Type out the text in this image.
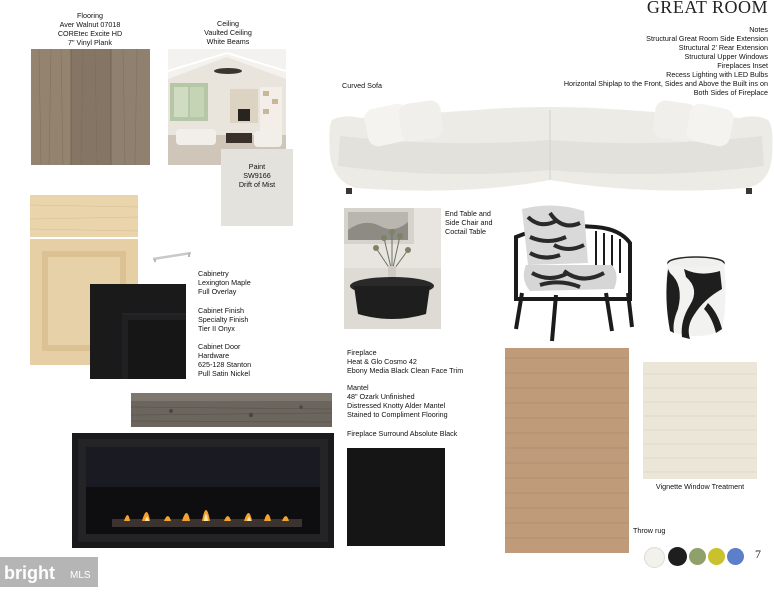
GREAT ROOM
Notes
Structural Great Room Side Extension
Structural 2' Rear Extension
Structural Upper Windows
Fireplaces Inset
Recess Lighting with LED Bulbs
Horizontal Shiplap to the Front, Sides and Above the Built ins on
Both Sides of Fireplace
Flooring
Aver Walnut 07018
COREtec Excite HD
7" Vinyl Plank
Ceiling
Vaulted Ceiling
White Beams
Paint
SW9166
Drift of Mist
Curved Sofa
Cabinetry
Lexington Maple
Full Overlay
Cabinet Finish
Specialty Finish
Tier II Onyx
Cabinet Door
Hardware
625-128 Stanton
Pull Satin Nickel
End Table and
Side Chair and
Coctail Table
Fireplace
Heat & Glo Cosmo 42
Ebony Media Black Clean Face Trim
Mantel
48" Ozark Unfinished
Distressed Knotty Alder Mantel
Stained to Compliment Flooring
Fireplace Surround Absolute Black
Throw rug
Vignette Window Treatment
7
bright MLS
